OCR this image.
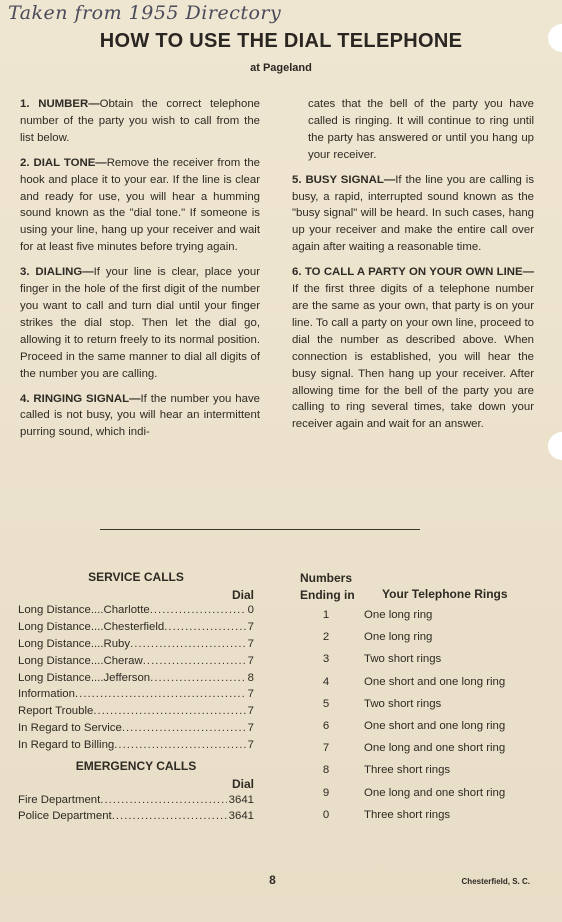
Taken from 1955 Directory
HOW TO USE THE DIAL TELEPHONE
at Pageland
1. NUMBER—Obtain the correct telephone number of the party you wish to call from the list below.
2. DIAL TONE—Remove the receiver from the hook and place it to your ear. If the line is clear and ready for use, you will hear a humming sound known as the "dial tone." If someone is using your line, hang up your receiver and wait for at least five minutes before trying again.
3. DIALING—If your line is clear, place your finger in the hole of the first digit of the number you want to call and turn dial until your finger strikes the dial stop. Then let the dial go, allowing it to return freely to its normal position. Proceed in the same manner to dial all digits of the number you are calling.
4. RINGING SIGNAL—If the number you have called is not busy, you will hear an intermittent purring sound, which indi-
cates that the bell of the party you have called is ringing. It will continue to ring until the party has answered or until you hang up your receiver.
5. BUSY SIGNAL—If the line you are calling is busy, a rapid, interrupted sound known as the "busy signal" will be heard. In such cases, hang up your receiver and make the entire call over again after waiting a reasonable time.
6. TO CALL A PARTY ON YOUR OWN LINE—If the first three digits of a telephone number are the same as your own, that party is on your line. To call a party on your own line, proceed to dial the number as described above. When connection is established, you will hear the busy signal. Then hang up your receiver. After allowing time for the bell of the party you are calling to ring several times, take down your receiver again and wait for an answer.
SERVICE CALLS
Dial
Long Distance....Charlotte .....	0
Long Distance....Chesterfield .....	7
Long Distance....Ruby .....	7
Long Distance....Cheraw .....	7
Long Distance....Jefferson .....	8
Information .....	7
Report Trouble .....	7
In Regard to Service .....	7
In Regard to Billing .....	7
EMERGENCY CALLS
Dial
Fire Department .....	3641
Police Department .....	3641
Numbers
Ending in	Your Telephone Rings
1	One long ring
2	One long ring
3	Two short rings
4	One short and one long ring
5	Two short rings
6	One short and one long ring
7	One long and one short ring
8	Three short rings
9	One long and one short ring
0	Three short rings
8	Chesterfield, S. C.
